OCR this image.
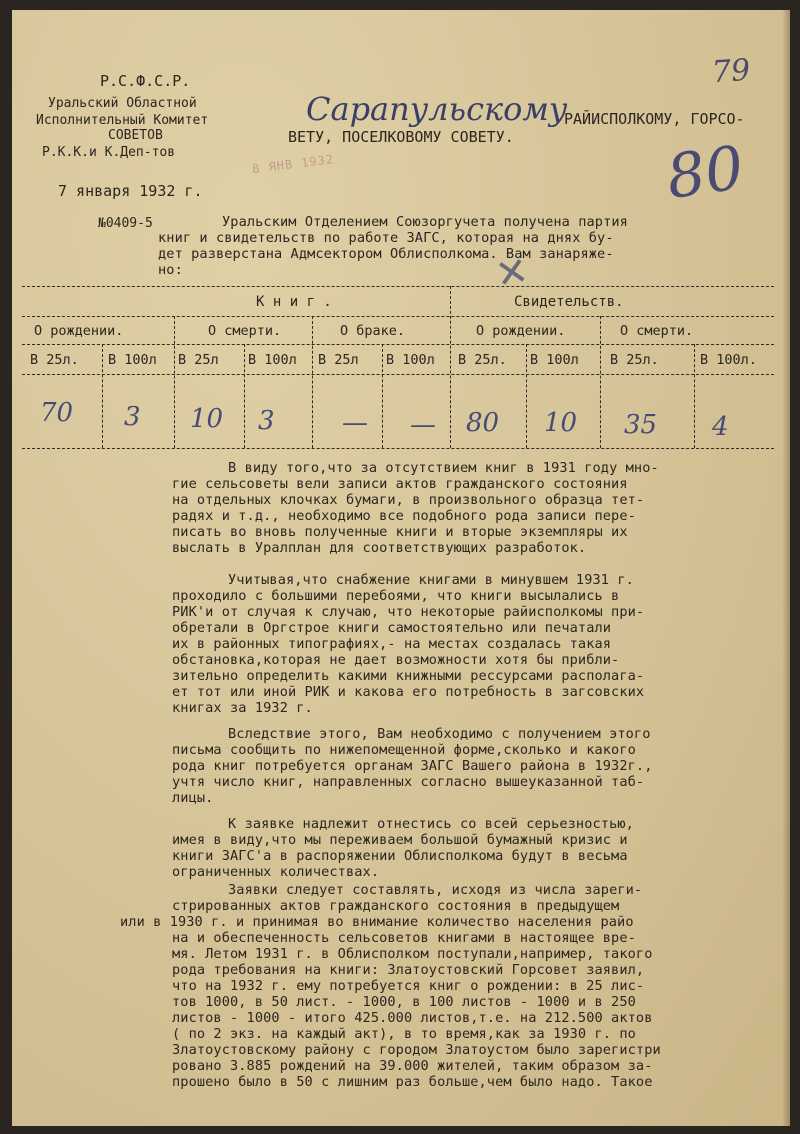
Р.С.Ф.С.Р.
Уральский Областной
Исполнительный Комитет
СОВЕТОВ
Р.К.К.и К.Деп-тов	8 ЯНВ 1932
7 января 1932 г.
№0409-5
Сарапульскому
РАЙИСПОЛКОМУ, ГОРСО-
ВЕТУ, ПОСЕЛКОВОМУ СОВЕТУ.
79
80
Уральским Отделением Союзоргучета получена партия
книг и свидетельств по работе ЗАГС, которая на днях бу-
дет разверстана Адмсектором Облисполкома. Вам занаряже-
но:	✕
К н и г .	Свидетельств.
О рождении.	О смерти.	О браке.	О рождении.	О смерти.
В 25л. В 100л В 25л В 100л В 25л В 100л В 25л. В 100л В 25л.	В 100л.
70 3 10 3	— — 80 10 35 4
В виду того,что за отсутствием книг в 1931 году мно-
гие сельсоветы вели записи актов гражданского состояния
на отдельных клочках бумаги, в произвольного образца тет-
радях и т.д., необходимо все подобного рода записи пере-
писать во вновь полученные книги и вторые экземпляры их
выслать в Уралплан для соответствующих разработок.
Учитывая,что снабжение книгами в минувшем 1931 г.
проходило с большими перебоями, что книги высылались в
РИК'и от случая к случаю, что некоторые райисполкомы при-
обретали в Оргстрое книги самостоятельно или печатали
их в районных типографиях,- на местах создалась такая
обстановка,которая не дает возможности хотя бы прибли-
зительно определить какими книжными рессурсами располага-
ет тот или иной РИК и какова его потребность в загсовских
книгах за 1932 г.
Вследствие этого, Вам необходимо с получением этого
письма сообщить по нижепомещенной форме,сколько и какого
рода книг потребуется органам ЗАГС Вашего района в 1932г.,
учтя число книг, направленных согласно вышеуказанной таб-
лицы.
К заявке надлежит отнестись со всей серьезностью,
имея в виду,что мы переживаем большой бумажный кризис и
книги ЗАГС'а в распоряжении Облисполкома будут в весьма
ограниченных количествах.
Заявки следует составлять, исходя из числа зареги-
стрированных актов гражданского состояния в предыдущем
или в 1930 г. и принимая во внимание количество населения райо
на и обеспеченность сельсоветов книгами в настоящее вре-
мя. Летом 1931 г. в Облисполком поступали,например, такого
рода требования на книги: Златоустовский Горсовет заявил,
что на 1932 г. ему потребуется книг о рождении: в 25 лис-
тов 1000, в 50 лист. - 1000, в 100 листов - 1000 и в 250
листов - 1000 - итого 425.000 листов,т.е. на 212.500 актов
( по 2 экз. на каждый акт), в то время,как за 1930 г. по
Златоустовскому району с городом Златоустом было зарегистри
ровано 3.885 рождений на 39.000 жителей, таким образом за-
прошено было в 50 с лишним раз больше,чем было надо. Такое
